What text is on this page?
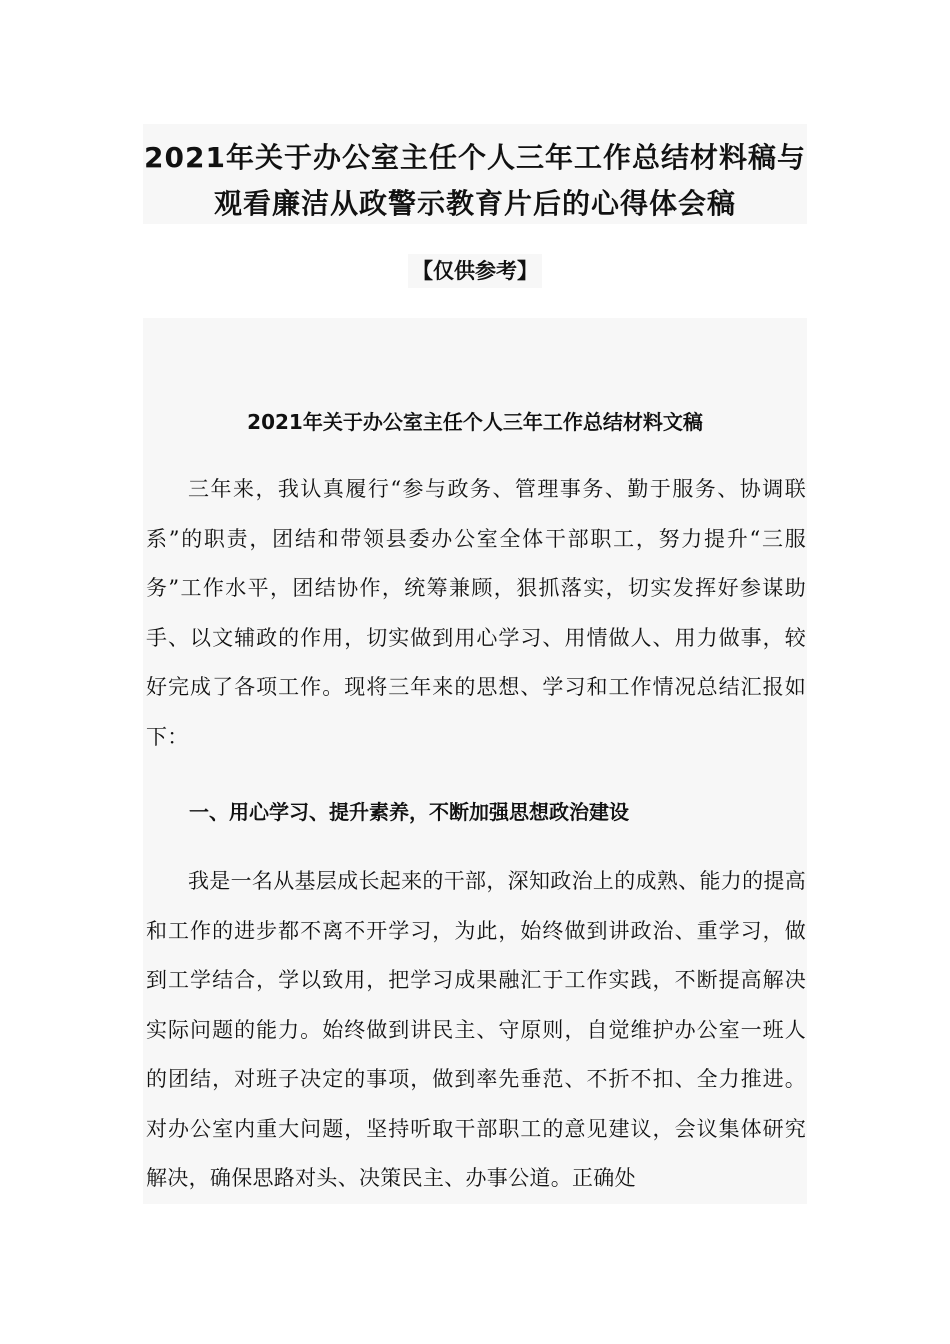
2021年关于办公室主任个人三年工作总结材料稿与
观看廉洁从政警示教育片后的心得体会稿
【仅供参考】
2021年关于办公室主任个人三年工作总结材料文稿

三年来，我认真履行“参与政务、管理事务、勤于服务、协调联系”的职责，团结和带领县委办公室全体干部职工，努力提升“三服务”工作水平，团结协作，统筹兼顾，狠抓落实，切实发挥好参谋助手、以文辅政的作用，切实做到用心学习、用情做人、用力做事，较好完成了各项工作。现将三年来的思想、学习和工作情况总结汇报如下：

一、用心学习、提升素养，不断加强思想政治建设

我是一名从基层成长起来的干部，深知政治上的成熟、能力的提高和工作的进步都不离不开学习，为此，始终做到讲政治、重学习，做到工学结合，学以致用，把学习成果融汇于工作实践，不断提高解决实际问题的能力。始终做到讲民主、守原则，自觉维护办公室一班人的团结，对班子决定的事项，做到率先垂范、不折不扣、全力推进。对办公室内重大问题，坚持听取干部职工的意见建议，会议集体研究解决，确保思路对头、决策民主、办事公道。正确处
